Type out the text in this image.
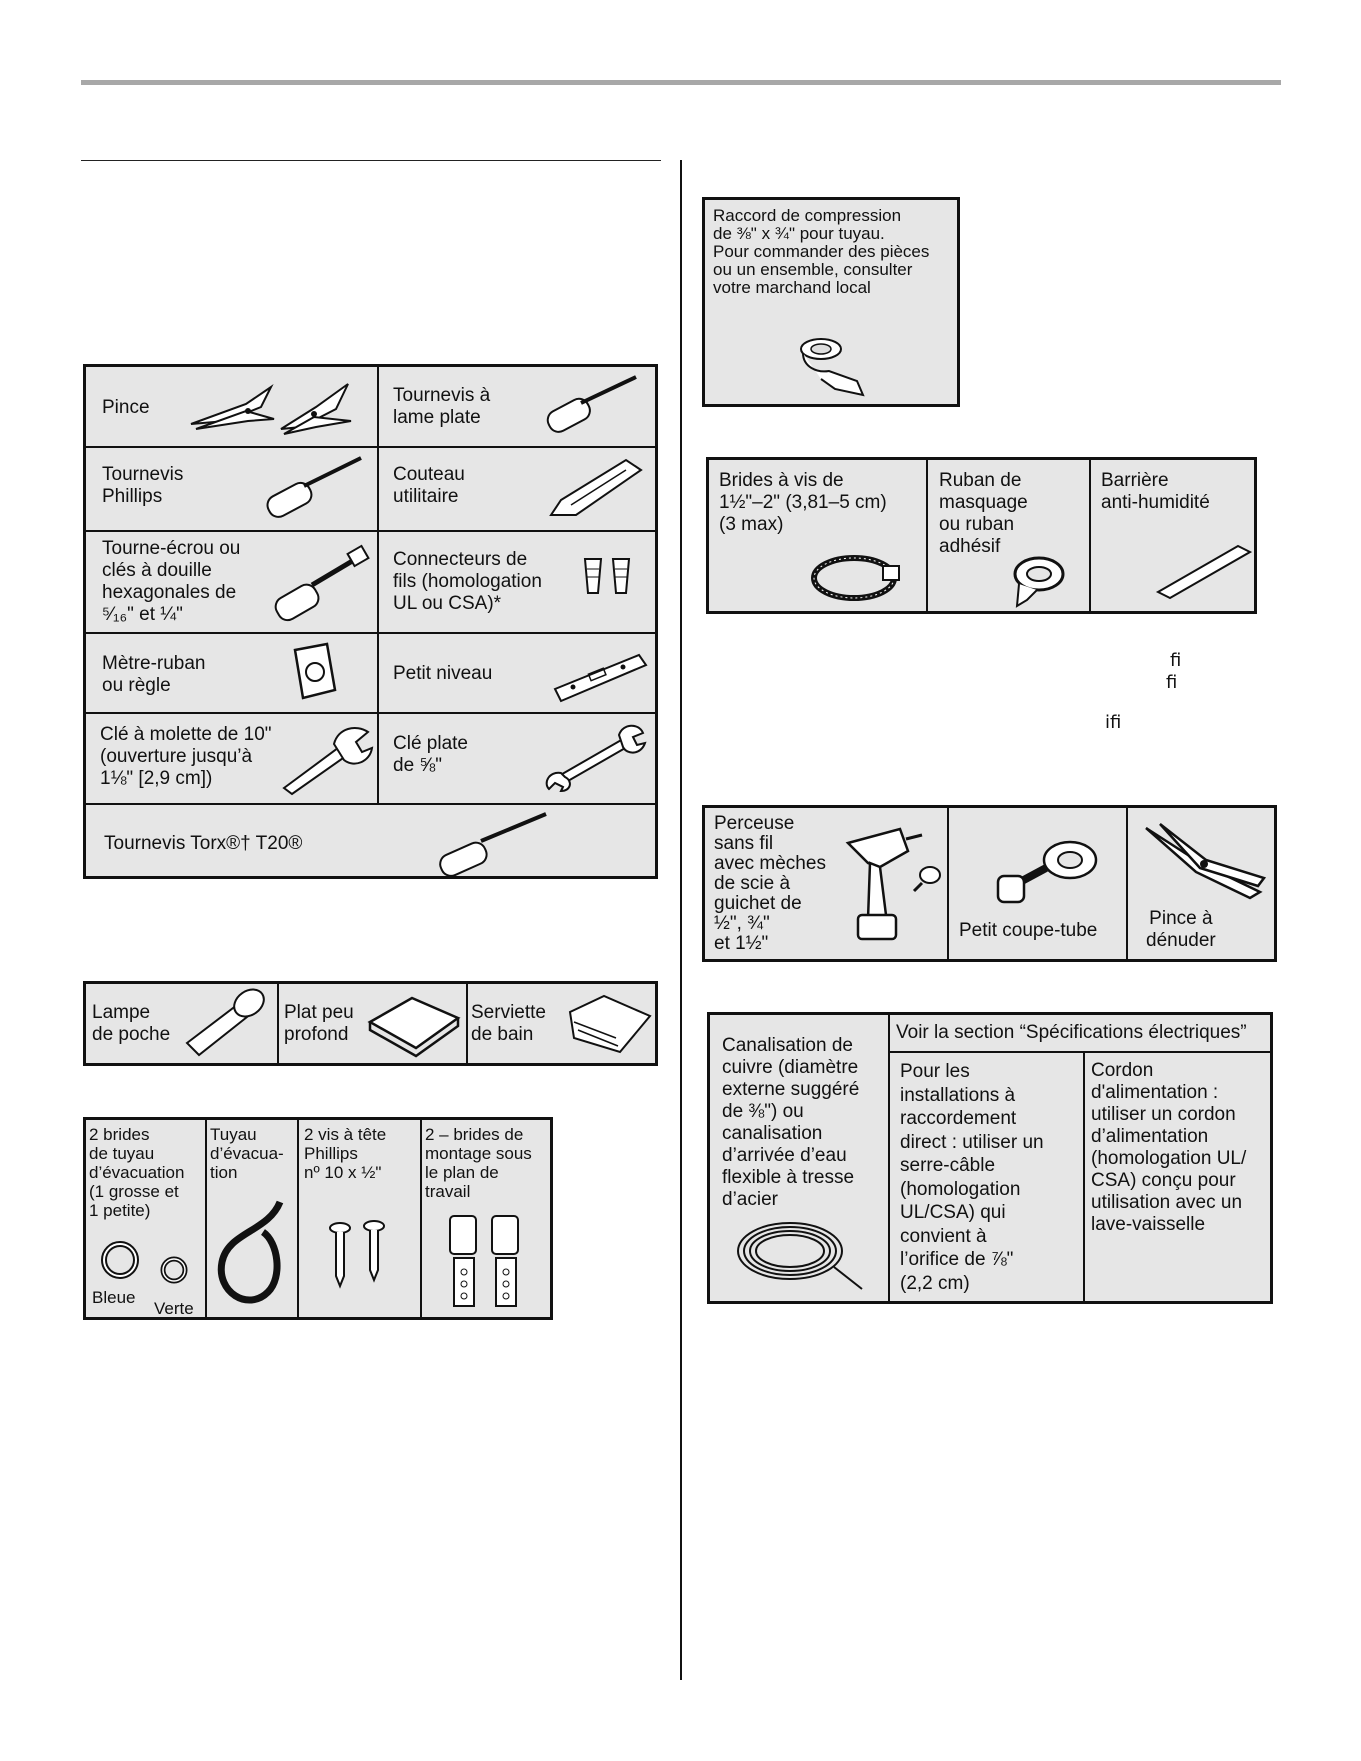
Pince
Tournevis à
lame plate
Tournevis
Phillips
Couteau
utilitaire
Tourne-écrou ou
clés à douille
hexagonales de
⁵⁄₁₆" et ¼"
Connecteurs de
fils (homologation
UL ou CSA)*
Mètre-ruban
ou règle
Petit niveau
Clé à molette de 10"
(ouverture jusqu’à
1⅛" [2,9 cm])
Clé plate
de ⅝"
Tournevis Torx®† T20®
Lampe
de poche
Plat peu
profond
Serviette
de bain
2 brides
de tuyau
d’évacuation
(1 grosse et
1 petite)
Bleue
Verte
Tuyau
d’évacua-
tion
2 vis à tête
Phillips
nº 10 x ½"
2 – brides de
montage sous
le plan de
travail
Raccord de compression
de ⅜" x ¾" pour tuyau.
Pour commander des pièces
ou un ensemble, consulter
votre marchand local
Brides à vis de
1½"–2" (3,81–5 cm)
(3 max)
Ruban de
masquage
ou ruban
adhésif
Barrière
anti-humidité
ﬁ
ﬁ
iﬁ
Perceuse
sans fil
avec mèches
de scie à
guichet de
½", ¾"
et 1½"
Petit coupe-tube
Pince à
dénuder
Canalisation de
cuivre (diamètre
externe suggéré
de ⅜") ou
canalisation
d’arrivée d’eau
flexible à tresse
d’acier
Voir la section “Spécifications électriques”
Pour les
installations à
raccordement
direct : utiliser un
serre-câble
(homologation
UL/CSA) qui
convient à
l’orifice de ⅞"
(2,2 cm)
Cordon
d'alimentation :
utiliser un cordon
d’alimentation
(homologation UL/
CSA) conçu pour
utilisation avec un
lave-vaisselle
